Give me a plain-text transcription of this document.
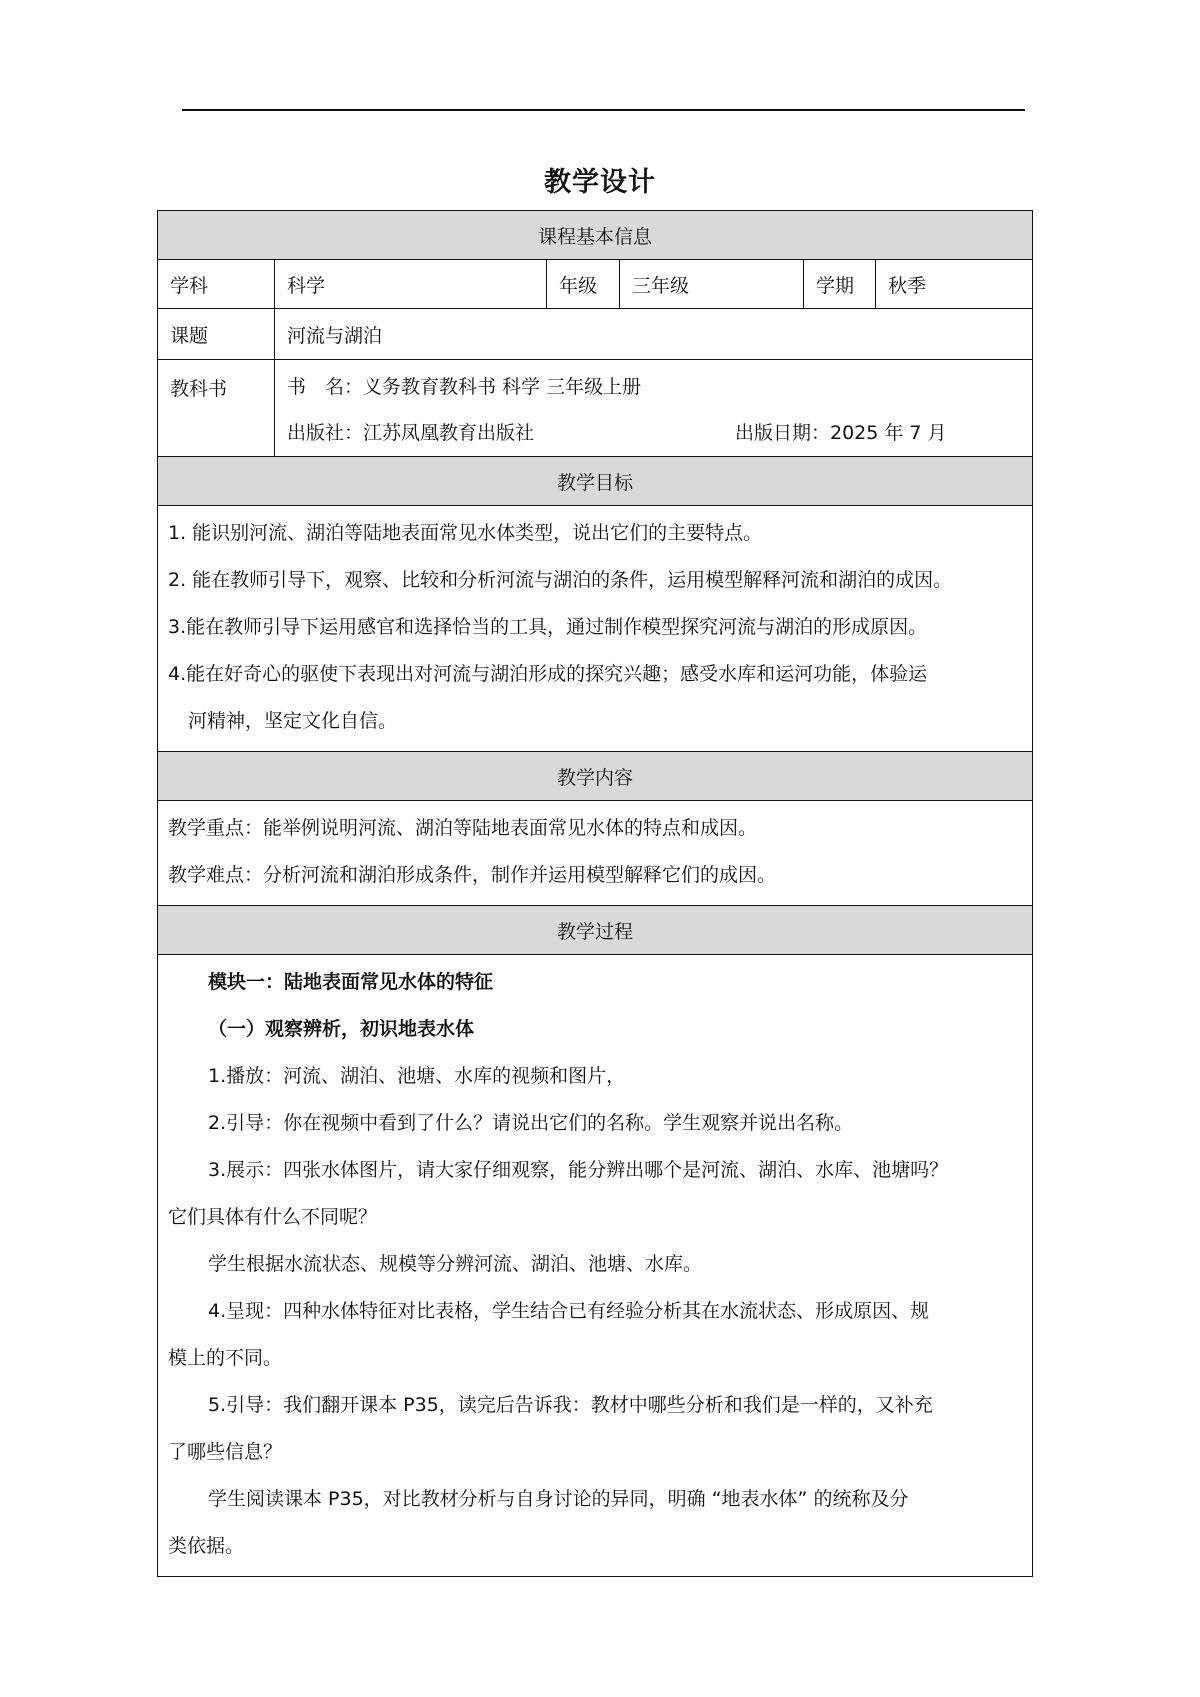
教学设计
课程基本信息
学科	科学	年级	三年级	学期	秋季
课题	河流与湖泊
教科书	书　名：义务教育教科书 科学 三年级上册
出版社：江苏凤凰教育出版社	出版日期：2025 年 7 月
教学目标
1. 能识别河流、湖泊等陆地表面常见水体类型，说出它们的主要特点。
2. 能在教师引导下，观察、比较和分析河流与湖泊的条件，运用模型解释河流和湖泊的成因。
3.能在教师引导下运用感官和选择恰当的工具，通过制作模型探究河流与湖泊的形成原因。
4.能在好奇心的驱使下表现出对河流与湖泊形成的探究兴趣；感受水库和运河功能，体验运
河精神，坚定文化自信。
教学内容
教学重点：能举例说明河流、湖泊等陆地表面常见水体的特点和成因。
教学难点：分析河流和湖泊形成条件，制作并运用模型解释它们的成因。
教学过程
模块一：陆地表面常见水体的特征
（一）观察辨析，初识地表水体
1.播放：河流、湖泊、池塘、水库的视频和图片，
2.引导：你在视频中看到了什么？请说出它们的名称。学生观察并说出名称。
3.展示：四张水体图片，请大家仔细观察，能分辨出哪个是河流、湖泊、水库、池塘吗？
它们具体有什么不同呢？
学生根据水流状态、规模等分辨河流、湖泊、池塘、水库。
4.呈现：四种水体特征对比表格，学生结合已有经验分析其在水流状态、形成原因、规
模上的不同。
5.引导：我们翻开课本 P35，读完后告诉我：教材中哪些分析和我们是一样的，又补充
了哪些信息？
学生阅读课本 P35，对比教材分析与自身讨论的异同，明确 “地表水体” 的统称及分
类依据。
